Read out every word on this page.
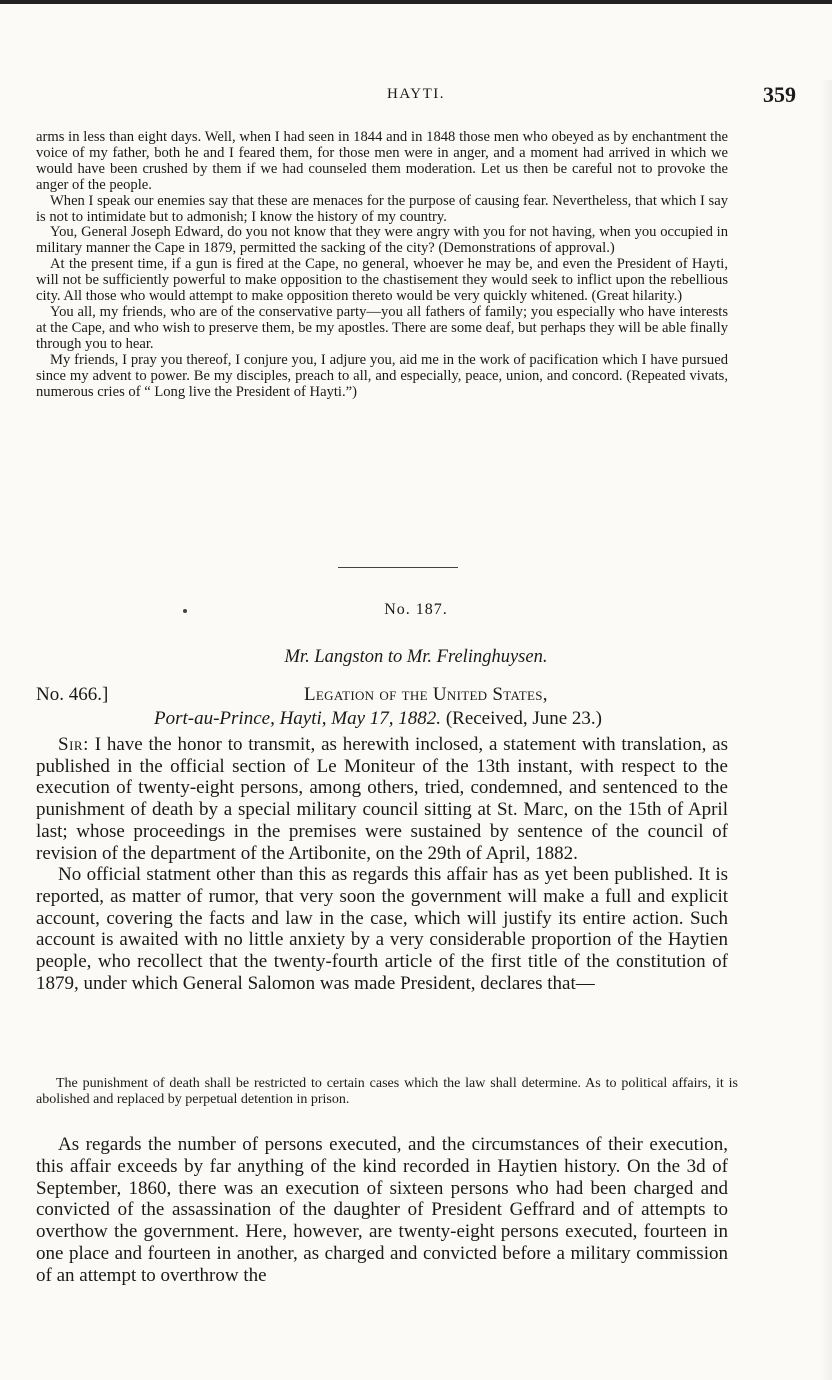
HAYTI.	359

arms in less than eight days. Well, when I had seen in 1844 and in 1848 those men who obeyed as by enchantment the voice of my father, both he and I feared them, for those men were in anger, and a moment had arrived in which we would have been crushed by them if we had counseled them moderation. Let us then be careful not to provoke the anger of the people.

When I speak our enemies say that these are menaces for the purpose of causing fear. Nevertheless, that which I say is not to intimidate but to admonish; I know the history of my country.

You, General Joseph Edward, do you not know that they were angry with you for not having, when you occupied in military manner the Cape in 1879, permitted the sacking of the city? (Demonstrations of approval.)

At the present time, if a gun is fired at the Cape, no general, whoever he may be, and even the President of Hayti, will not be sufficiently powerful to make opposition to the chastisement they would seek to inflict upon the rebellious city. All those who would attempt to make opposition thereto would be very quickly whitened. (Great hilarity.)

You all, my friends, who are of the conservative party—you all fathers of family; you especially who have interests at the Cape, and who wish to preserve them, be my apostles. There are some deaf, but perhaps they will be able finally through you to hear.

My friends, I pray you thereof, I conjure you, I adjure you, aid me in the work of pacification which I have pursued since my advent to power. Be my disciples, preach to all, and especially, peace, union, and concord. (Repeated vivats, numerous cries of “ Long live the President of Hayti.”)

No. 187.
Mr. Langston to Mr. Frelinghuysen.
No. 466.]	Legation of the United States,
Port-au-Prince, Hayti, May 17, 1882. (Received, June 23.)

Sir: I have the honor to transmit, as herewith inclosed, a statement with translation, as published in the official section of Le Moniteur of the 13th instant, with respect to the execution of twenty-eight persons, among others, tried, condemned, and sentenced to the punishment of death by a special military council sitting at St. Marc, on the 15th of April last; whose proceedings in the premises were sustained by sentence of the council of revision of the department of the Artibonite, on the 29th of April, 1882.

No official statment other than this as regards this affair has as yet been published. It is reported, as matter of rumor, that very soon the government will make a full and explicit account, covering the facts and law in the case, which will justify its entire action. Such account is awaited with no little anxiety by a very considerable proportion of the Haytien people, who recollect that the twenty-fourth article of the first title of the constitution of 1879, under which General Salomon was made President, declares that—

The punishment of death shall be restricted to certain cases which the law shall determine. As to political affairs, it is abolished and replaced by perpetual detention in prison.

As regards the number of persons executed, and the circumstances of their execution, this affair exceeds by far anything of the kind recorded in Haytien history. On the 3d of September, 1860, there was an execution of sixteen persons who had been charged and convicted of the assassination of the daughter of President Geffrard and of attempts to overthow the government. Here, however, are twenty-eight persons executed, fourteen in one place and fourteen in another, as charged and convicted before a military commission of an attempt to overthrow the
